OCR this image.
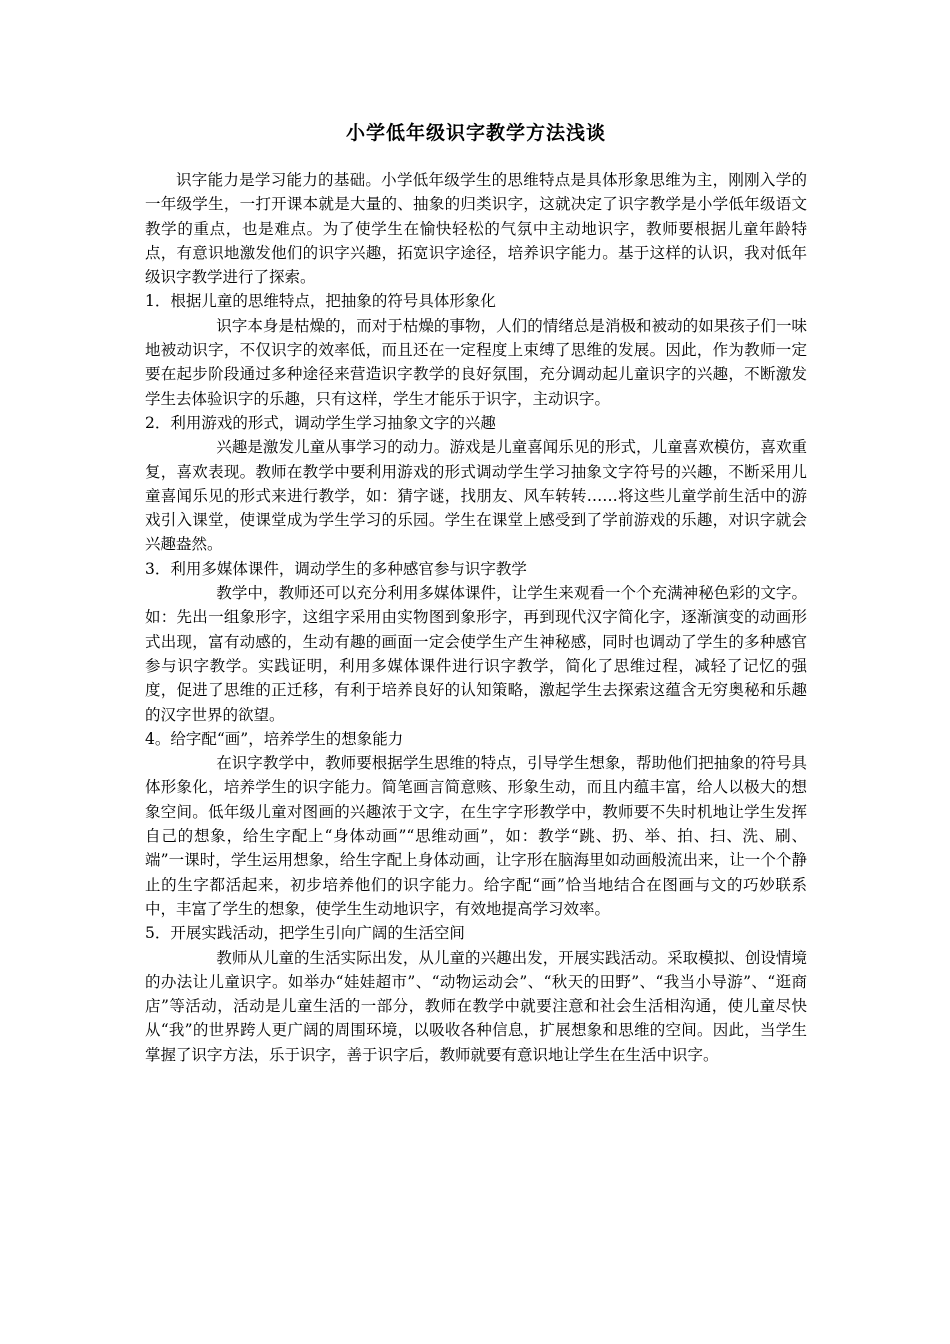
小学低年级识字教学方法浅谈

识字能力是学习能力的基础。小学低年级学生的思维特点是具体形象思维为主，刚刚入学的一年级学生，一打开课本就是大量的、抽象的归类识字，这就决定了识字教学是小学低年级语文教学的重点，也是难点。为了使学生在愉快轻松的气氛中主动地识字，教师要根据儿童年龄特点，有意识地激发他们的识字兴趣，拓宽识字途径，培养识字能力。基于这样的认识，我对低年级识字教学进行了探索。

1．根据儿童的思维特点，把抽象的符号具体形象化

识字本身是枯燥的，而对于枯燥的事物，人们的情绪总是消极和被动的如果孩子们一味地被动识字，不仅识字的效率低，而且还在一定程度上束缚了思维的发展。因此，作为教师一定要在起步阶段通过多种途径来营造识字教学的良好氛围，充分调动起儿童识字的兴趣，不断激发学生去体验识字的乐趣，只有这样，学生才能乐于识字，主动识字。

2．利用游戏的形式，调动学生学习抽象文字的兴趣

兴趣是激发儿童从事学习的动力。游戏是儿童喜闻乐见的形式，儿童喜欢模仿，喜欢重复，喜欢表现。教师在教学中要利用游戏的形式调动学生学习抽象文字符号的兴趣，不断采用儿童喜闻乐见的形式来进行教学，如：猜字谜，找朋友、风车转转……将这些儿童学前生活中的游戏引入课堂，使课堂成为学生学习的乐园。学生在课堂上感受到了学前游戏的乐趣，对识字就会兴趣盎然。

3．利用多媒体课件，调动学生的多种感官参与识字教学

教学中，教师还可以充分利用多媒体课件，让学生来观看一个个充满神秘色彩的文字。如：先出一组象形字，这组字采用由实物图到象形字，再到现代汉字简化字，逐渐演变的动画形式出现，富有动感的，生动有趣的画面一定会使学生产生神秘感，同时也调动了学生的多种感官参与识字教学。实践证明，利用多媒体课件进行识字教学，简化了思维过程，减轻了记忆的强度，促进了思维的正迁移，有利于培养良好的认知策略，激起学生去探索这蕴含无穷奥秘和乐趣的汉字世界的欲望。

4。给字配“画”，培养学生的想象能力

在识字教学中，教师要根据学生思维的特点，引导学生想象，帮助他们把抽象的符号具体形象化，培养学生的识字能力。简笔画言简意赅、形象生动，而且内蕴丰富，给人以极大的想象空间。低年级儿童对图画的兴趣浓于文字，在生字字形教学中，教师要不失时机地让学生发挥自己的想象，给生字配上“身体动画”“思维动画”，如：教学“跳、扔、举、拍、扫、洗、刷、端”一课时，学生运用想象，给生字配上身体动画，让字形在脑海里如动画般流出来，让一个个静止的生字都活起来，初步培养他们的识字能力。给字配“画”恰当地结合在图画与文的巧妙联系中，丰富了学生的想象，使学生生动地识字，有效地提高学习效率。

5．开展实践活动，把学生引向广阔的生活空间

教师从儿童的生活实际出发，从儿童的兴趣出发，开展实践活动。采取模拟、创设情境的办法让儿童识字。如举办“娃娃超市”、“动物运动会”、“秋天的田野”、“我当小导游”、“逛商店”等活动，活动是儿童生活的一部分，教师在教学中就要注意和社会生活相沟通，使儿童尽快从“我”的世界跨人更广阔的周围环境，以吸收各种信息，扩展想象和思维的空间。因此，当学生掌握了识字方法，乐于识字，善于识字后，教师就要有意识地让学生在生活中识字。
